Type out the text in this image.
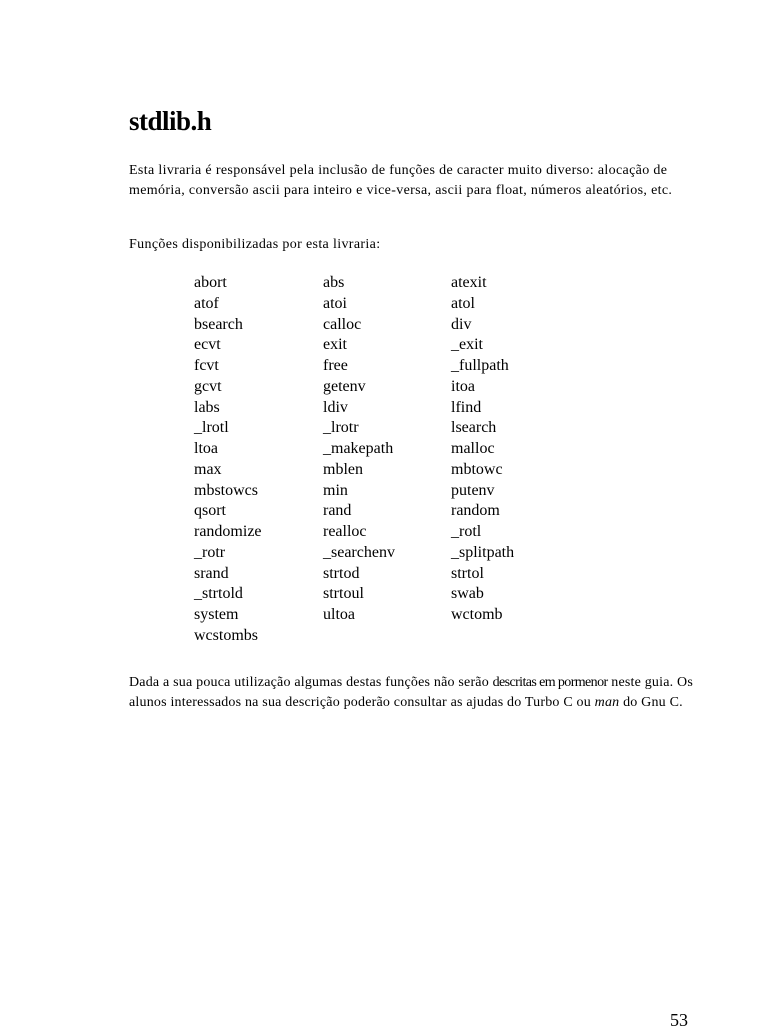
stdlib.h

Esta livraria é responsável pela inclusão de funções de caracter muito diverso: alocação de memória, conversão ascii para inteiro e vice-versa, ascii para float, números aleatórios, etc.

Funções disponibilizadas por esta livraria:

abort	abs	atexit
atof	atoi	atol
bsearch	calloc	div
ecvt	exit	_exit
fcvt	free	_fullpath
gcvt	getenv	itoa
labs	ldiv	lfind
_lrotl	_lrotr	lsearch
ltoa	_makepath	malloc
max	mblen	mbtowc
mbstowcs	min	putenv
qsort	rand	random
randomize	realloc	_rotl
_rotr	_searchenv	_splitpath
srand	strtod	strtol
_strtold	strtoul	swab
system	ultoa	wctomb
wcstombs		

Dada a sua pouca utilização algumas destas funções não serão descritas em pormenor neste guia. Os alunos interessados na sua descrição poderão consultar as ajudas do Turbo C ou man do Gnu C.

53
